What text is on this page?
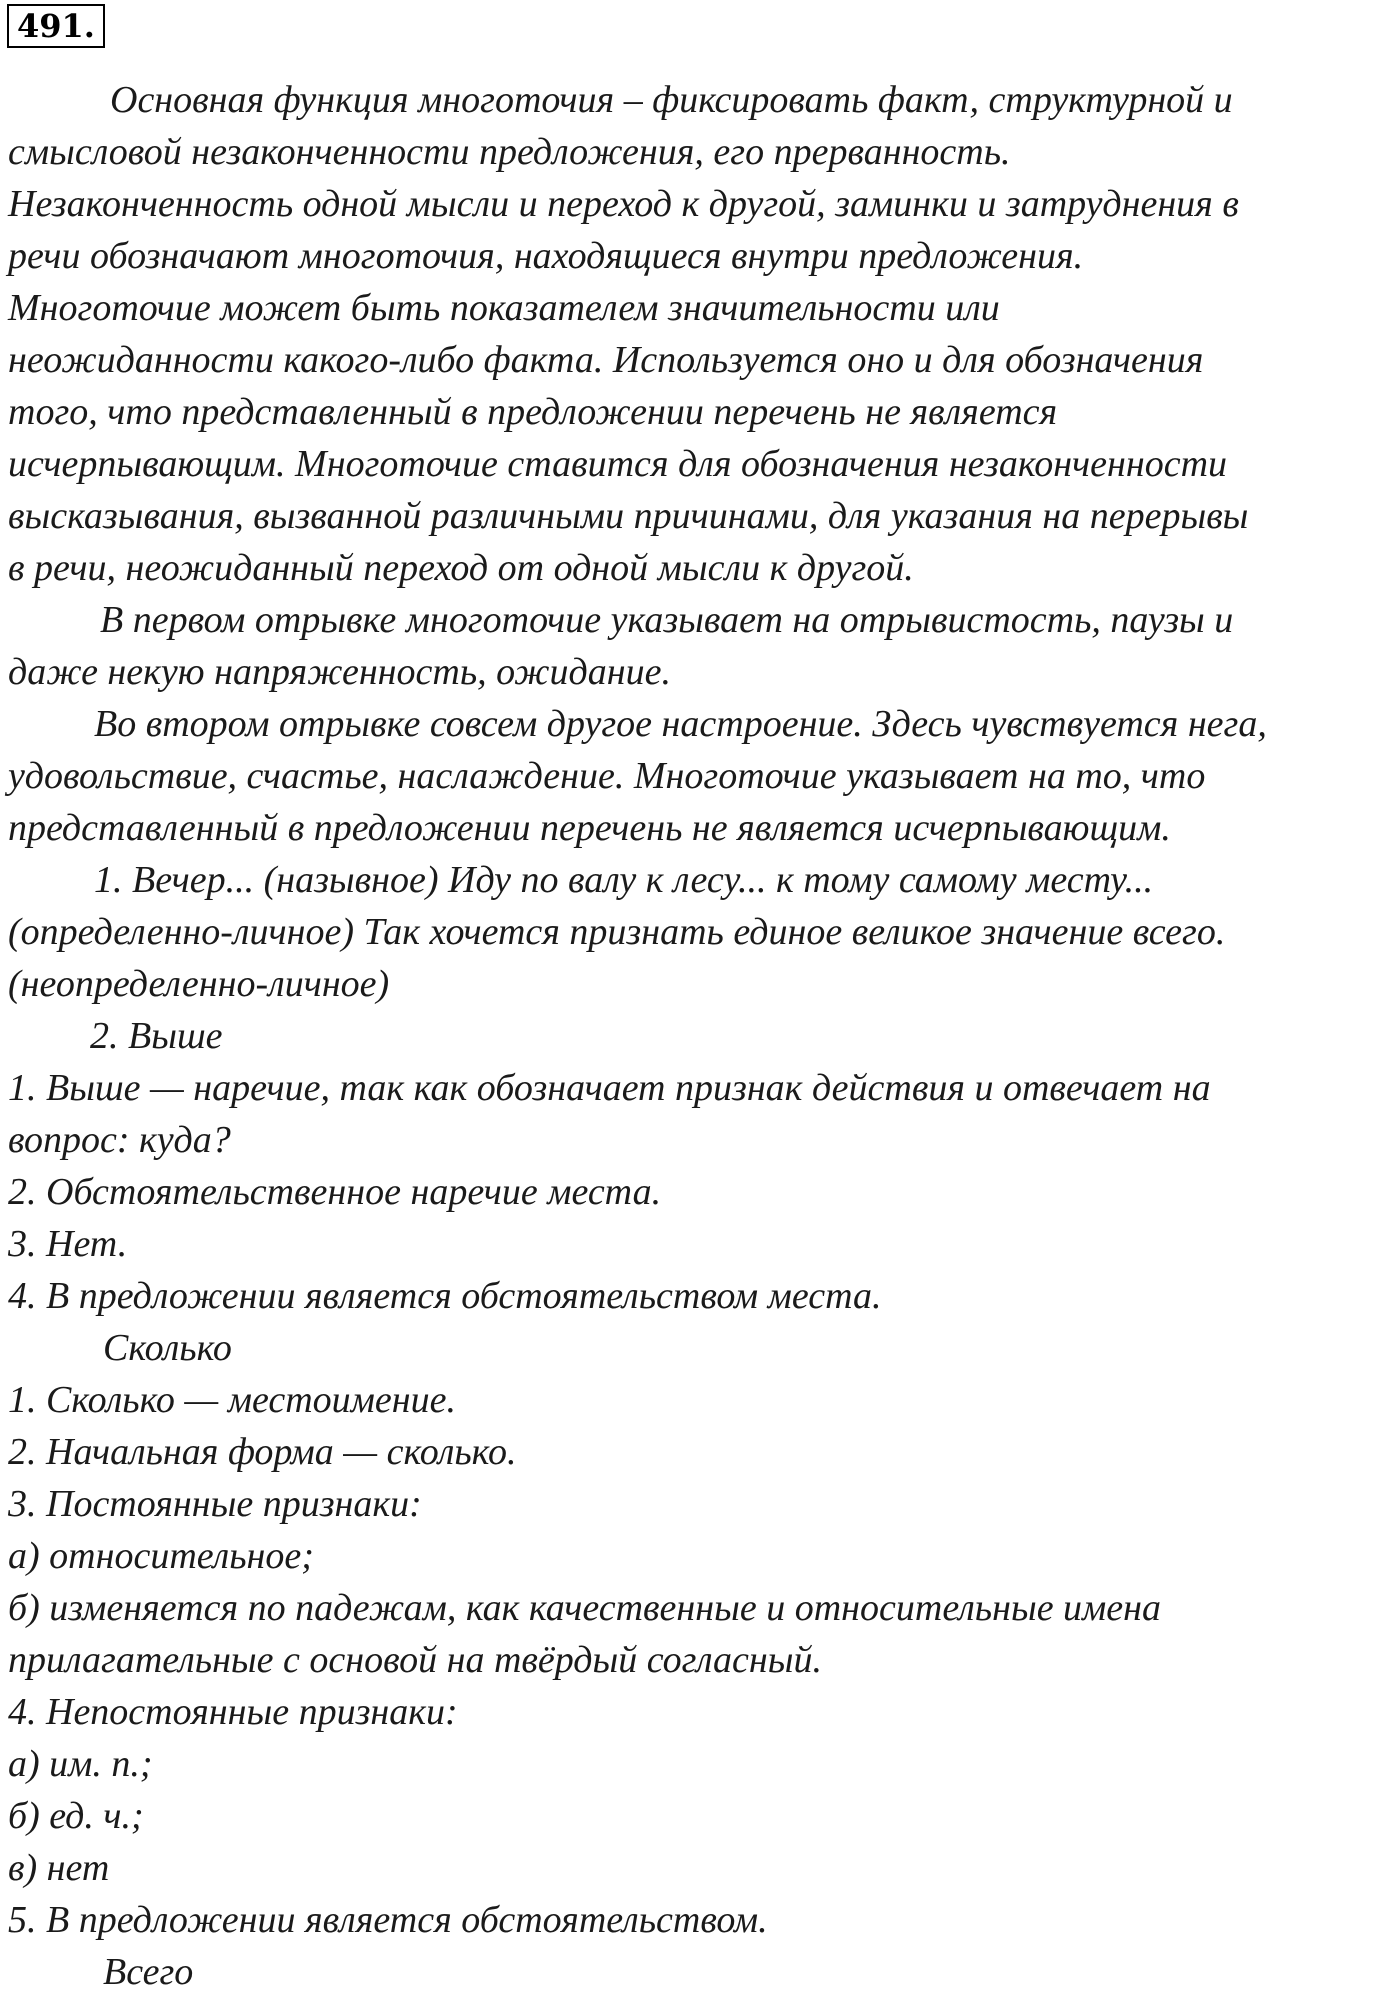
491.

Основная функция многоточия – фиксировать факт, структурной и

смысловой незаконченности предложения, его прерванность.

Незаконченность одной мысли и переход к другой, заминки и затруднения в

речи обозначают многоточия, находящиеся внутри предложения.

Многоточие может быть показателем значительности или

неожиданности какого-либо факта. Используется оно и для обозначения

того, что представленный в предложении перечень не является

исчерпывающим. Многоточие ставится для обозначения незаконченности

высказывания, вызванной различными причинами, для указания на перерывы

в речи, неожиданный переход от одной мысли к другой.

В первом отрывке многоточие указывает на отрывистость, паузы и

даже некую напряженность, ожидание.

Во втором отрывке совсем другое настроение. Здесь чувствуется нега,

удовольствие, счастье, наслаждение. Многоточие указывает на то, что

представленный в предложении перечень не является исчерпывающим.

1. Вечер... (назывное) Иду по валу к лесу... к тому самому месту...

(определенно-личное) Так хочется признать единое великое значение всего.

(неопределенно-личное)

2. Выше

1. Выше — наречие, так как обозначает признак действия и отвечает на

вопрос: куда?

2. Обстоятельственное наречие места.

3. Нет.

4. В предложении является обстоятельством места.

Сколько

1. Сколько — местоимение.

2. Начальная форма — сколько.

3. Постоянные признаки:

а) относительное;

б) изменяется по падежам, как качественные и относительные имена

прилагательные с основой на твёрдый согласный.

4. Непостоянные признаки:

а) им. п.;

б) ед. ч.;

в) нет

5. В предложении является обстоятельством.

Всего
